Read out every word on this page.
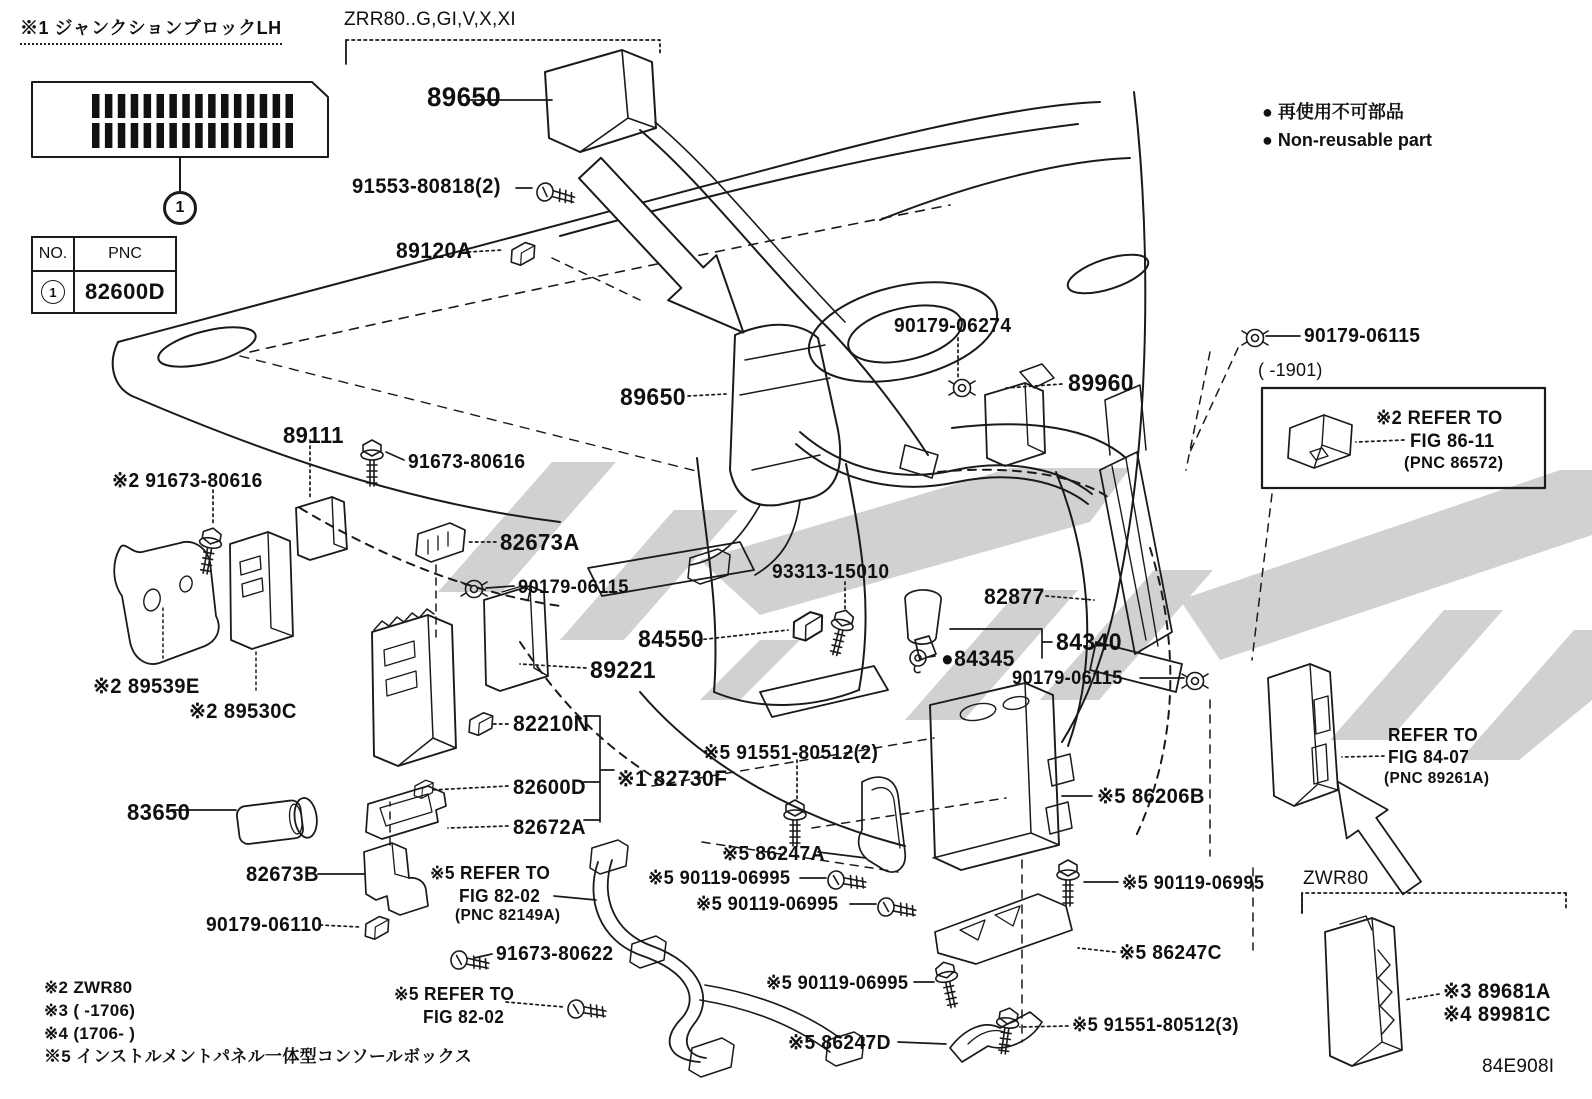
ZRR80..G,GI,V,X,XI
89650
91553-80818(2)
89120A
90179-06274
89650
89960
90179-06115
( -1901)
※2 REFER TO
FIG 86-11
(PNC 86572)
89111
91673-80616
※2 91673-80616
82673A
90179-06115
93313-15010
82877
84550	84340
●84345
90179-06115
89221
82210N
※2 89539E
※2 89530C
83650
82600D
82672A
※1 82730F
※5 91551-80512(2)
※5 86206B
82673B
90179-06110
※5 REFER TO
FIG 82-02
(PNC 82149A)
91673-80622
※5 90119-06995
※5 90119-06995
※5 90119-06995
※5 86247A
※5 86247D
※5 90119-06995
※5 86247C
※5 91551-80512(3)
REFER TO
FIG 84-07
(PNC 89261A)
ZWR80
※3 89681A
※4 89981C
※5 REFER TO
FIG 82-02
84E908I
※1 ジャンクションブロックLH
● 再使用不可部品
● Non-reusable part
1
NO.	PNC
1	82600D
※2 ZWR80
※3 ( -1706)
※4 (1706- )
※5 インストルメントパネル一体型コンソールボックス
